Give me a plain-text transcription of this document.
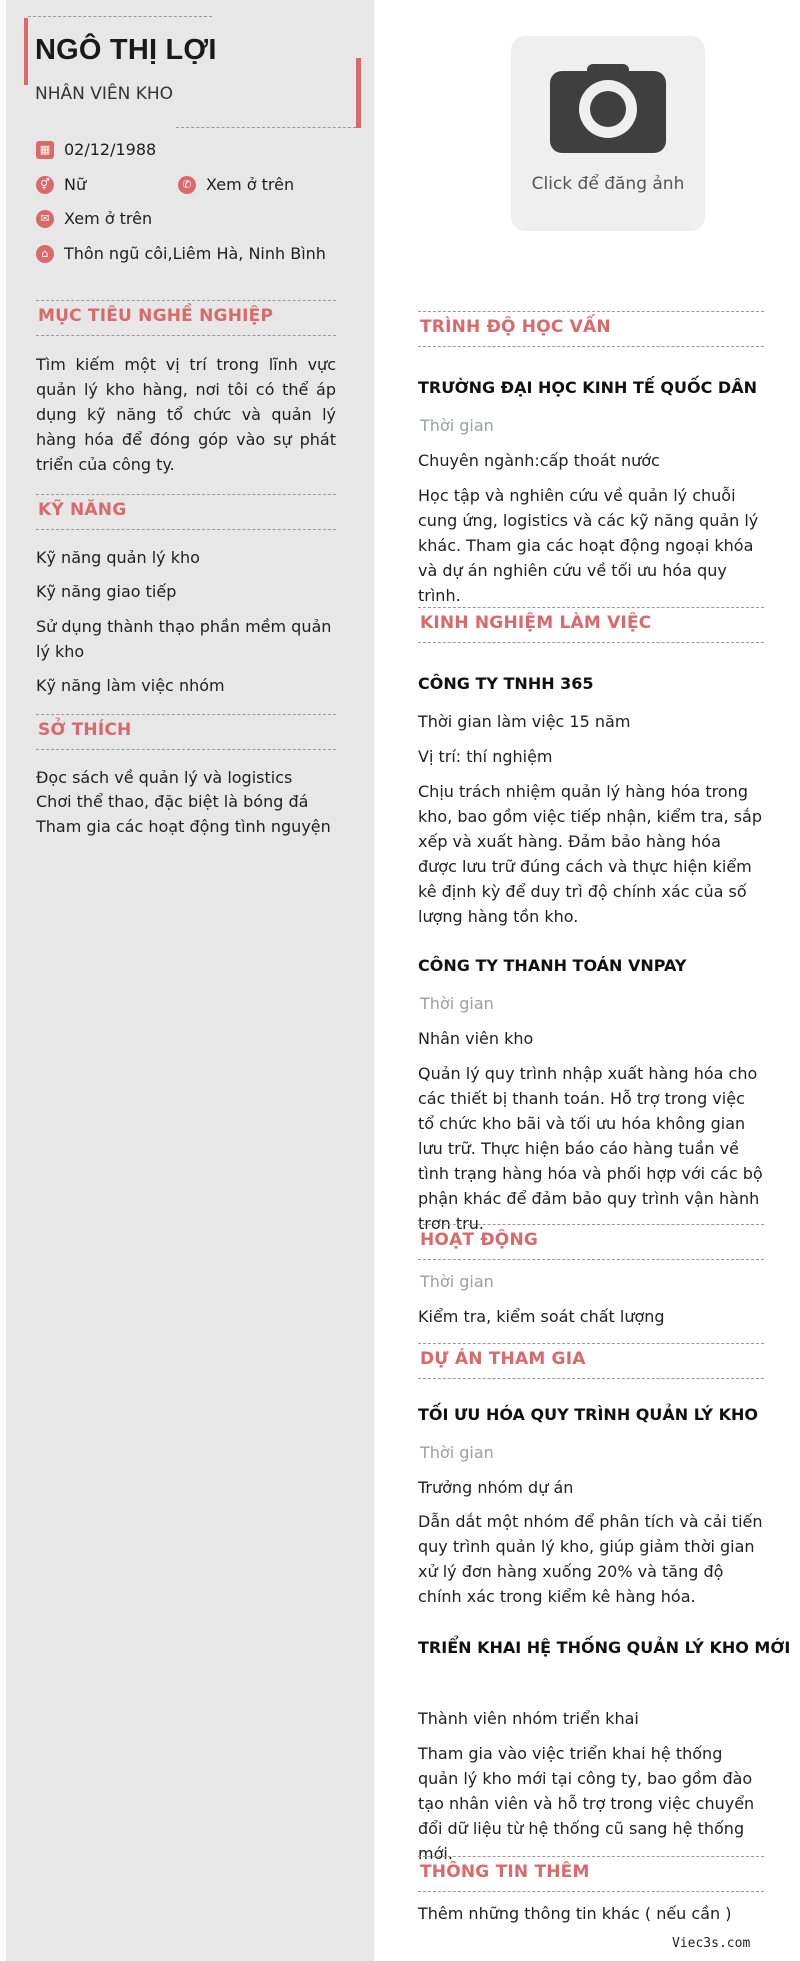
NGÔ THỊ LỢI
NHÂN VIÊN KHO
▦ 02/12/1988
⚥ Nữ	✆ Xem ở trên
✉ Xem ở trên
⌂ Thôn ngũ côi,Liêm Hà, Ninh Bình
MỤC TIÊU NGHỀ NGHIỆP
Tìm kiếm một vị trí trong lĩnh vực quản lý kho hàng, nơi tôi có thể áp dụng kỹ năng tổ chức và quản lý hàng hóa để đóng góp vào sự phát triển của công ty.
KỸ NĂNG
Kỹ năng quản lý kho
Kỹ năng giao tiếp
Sử dụng thành thạo phần mềm quản lý kho
Kỹ năng làm việc nhóm
SỞ THÍCH
Đọc sách về quản lý và logistics
Chơi thể thao, đặc biệt là bóng đá
Tham gia các hoạt động tình nguyện
Click để đăng ảnh
TRÌNH ĐỘ HỌC VẤN
TRƯỜNG ĐẠI HỌC KINH TẾ QUỐC DÂN
Thời gian
Chuyên ngành:cấp thoát nước
Học tập và nghiên cứu về quản lý chuỗi cung ứng, logistics và các kỹ năng quản lý khác. Tham gia các hoạt động ngoại khóa và dự án nghiên cứu về tối ưu hóa quy trình.
KINH NGHIỆM LÀM VIỆC
CÔNG TY TNHH 365
Thời gian làm việc 15 năm
Vị trí: thí nghiệm
Chịu trách nhiệm quản lý hàng hóa trong kho, bao gồm việc tiếp nhận, kiểm tra, sắp xếp và xuất hàng. Đảm bảo hàng hóa được lưu trữ đúng cách và thực hiện kiểm kê định kỳ để duy trì độ chính xác của số lượng hàng tồn kho.
CÔNG TY THANH TOÁN VNPAY
Thời gian
Nhân viên kho
Quản lý quy trình nhập xuất hàng hóa cho các thiết bị thanh toán. Hỗ trợ trong việc tổ chức kho bãi và tối ưu hóa không gian lưu trữ. Thực hiện báo cáo hàng tuần về tình trạng hàng hóa và phối hợp với các bộ phận khác để đảm bảo quy trình vận hành trơn tru.
HOẠT ĐỘNG
Thời gian
Kiểm tra, kiểm soát chất lượng
DỰ ÁN THAM GIA
TỐI ƯU HÓA QUY TRÌNH QUẢN LÝ KHO
Thời gian
Trưởng nhóm dự án
Dẫn dắt một nhóm để phân tích và cải tiến quy trình quản lý kho, giúp giảm thời gian xử lý đơn hàng xuống 20% và tăng độ chính xác trong kiểm kê hàng hóa.
TRIỂN KHAI HỆ THỐNG QUẢN LÝ KHO MỚI
Thành viên nhóm triển khai
Tham gia vào việc triển khai hệ thống quản lý kho mới tại công ty, bao gồm đào tạo nhân viên và hỗ trợ trong việc chuyển đổi dữ liệu từ hệ thống cũ sang hệ thống mới.
THÔNG TIN THÊM
Thêm những thông tin khác ( nếu cần )
Viec3s.com
